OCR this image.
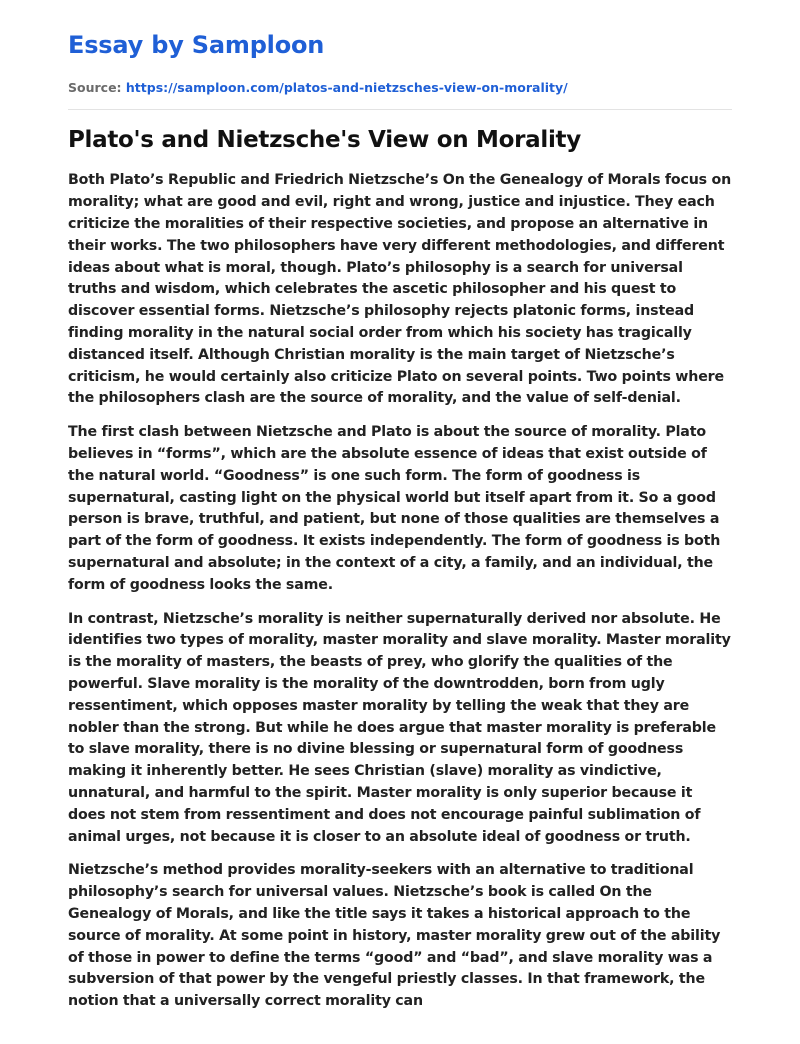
Essay by Samploon
Source: https://samploon.com/platos-and-nietzsches-view-on-morality/
Plato's and Nietzsche's View on Morality

Both Plato’s Republic and Friedrich Nietzsche’s On the Genealogy of Morals focus on morality; what are good and evil, right and wrong, justice and injustice. They each criticize the moralities of their respective societies, and propose an alternative in their works. The two philosophers have very different methodologies, and different ideas about what is moral, though. Plato’s philosophy is a search for universal truths and wisdom, which celebrates the ascetic philosopher and his quest to discover essential forms. Nietzsche’s philosophy rejects platonic forms, instead finding morality in the natural social order from which his society has tragically distanced itself. Although Christian morality is the main target of Nietzsche’s criticism, he would certainly also criticize Plato on several points. Two points where the philosophers clash are the source of morality, and the value of self-denial.

The first clash between Nietzsche and Plato is about the source of morality. Plato believes in “forms”, which are the absolute essence of ideas that exist outside of the natural world. “Goodness” is one such form. The form of goodness is supernatural, casting light on the physical world but itself apart from it. So a good person is brave, truthful, and patient, but none of those qualities are themselves a part of the form of goodness. It exists independently. The form of goodness is both supernatural and absolute; in the context of a city, a family, and an individual, the form of goodness looks the same.

In contrast, Nietzsche’s morality is neither supernaturally derived nor absolute. He identifies two types of morality, master morality and slave morality. Master morality is the morality of masters, the beasts of prey, who glorify the qualities of the powerful. Slave morality is the morality of the downtrodden, born from ugly ressentiment, which opposes master morality by telling the weak that they are nobler than the strong. But while he does argue that master morality is preferable to slave morality, there is no divine blessing or supernatural form of goodness making it inherently better. He sees Christian (slave) morality as vindictive, unnatural, and harmful to the spirit. Master morality is only superior because it does not stem from ressentiment and does not encourage painful sublimation of animal urges, not because it is closer to an absolute ideal of goodness or truth.

Nietzsche’s method provides morality-seekers with an alternative to traditional philosophy’s search for universal values. Nietzsche’s book is called On the Genealogy of Morals, and like the title says it takes a historical approach to the source of morality. At some point in history, master morality grew out of the ability of those in power to define the terms “good” and “bad”, and slave morality was a subversion of that power by the vengeful priestly classes. In that framework, the notion that a universally correct morality can
